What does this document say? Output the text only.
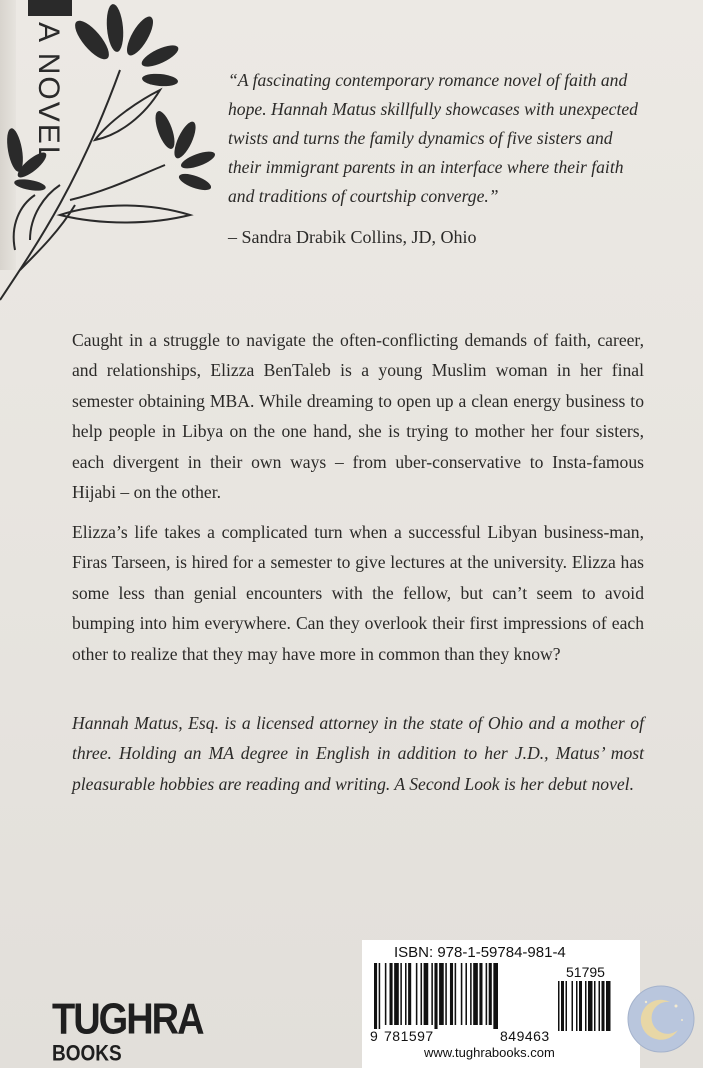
A NOVEL	“A fascinating contemporary romance novel of faith and hope. Hannah Matus skillfully showcases with unexpected twists and turns the family dynamics of five sisters and their immigrant parents in an interface where their faith and traditions of courtship converge.”

– Sandra Drabik Collins, JD, Ohio

Caught in a struggle to navigate the often-conflicting demands of faith, career, and relationships, Elizza BenTaleb is a young Muslim woman in her final semester obtaining MBA. While dreaming to open up a clean energy business to help people in Libya on the one hand, she is trying to mother her four sisters, each divergent in their own ways – from uber-conservative to Insta-famous Hijabi – on the other.

Elizza’s life takes a complicated turn when a successful Libyan business-man, Firas Tarseen, is hired for a semester to give lectures at the university. Elizza has some less than genial encounters with the fellow, but can’t seem to avoid bumping into him everywhere. Can they overlook their first impressions of each other to realize that they may have more in common than they know?

Hannah Matus, Esq. is a licensed attorney in the state of Ohio and a mother of three. Holding an MA degree in English in addition to her J.D., Matus’ most pleasurable hobbies are reading and writing. A Second Look is her debut novel.

TUGHRA
BOOKS
ISBN: 978-1-59784-981-4
51795
9 781597	849463
www.tughrabooks.com
